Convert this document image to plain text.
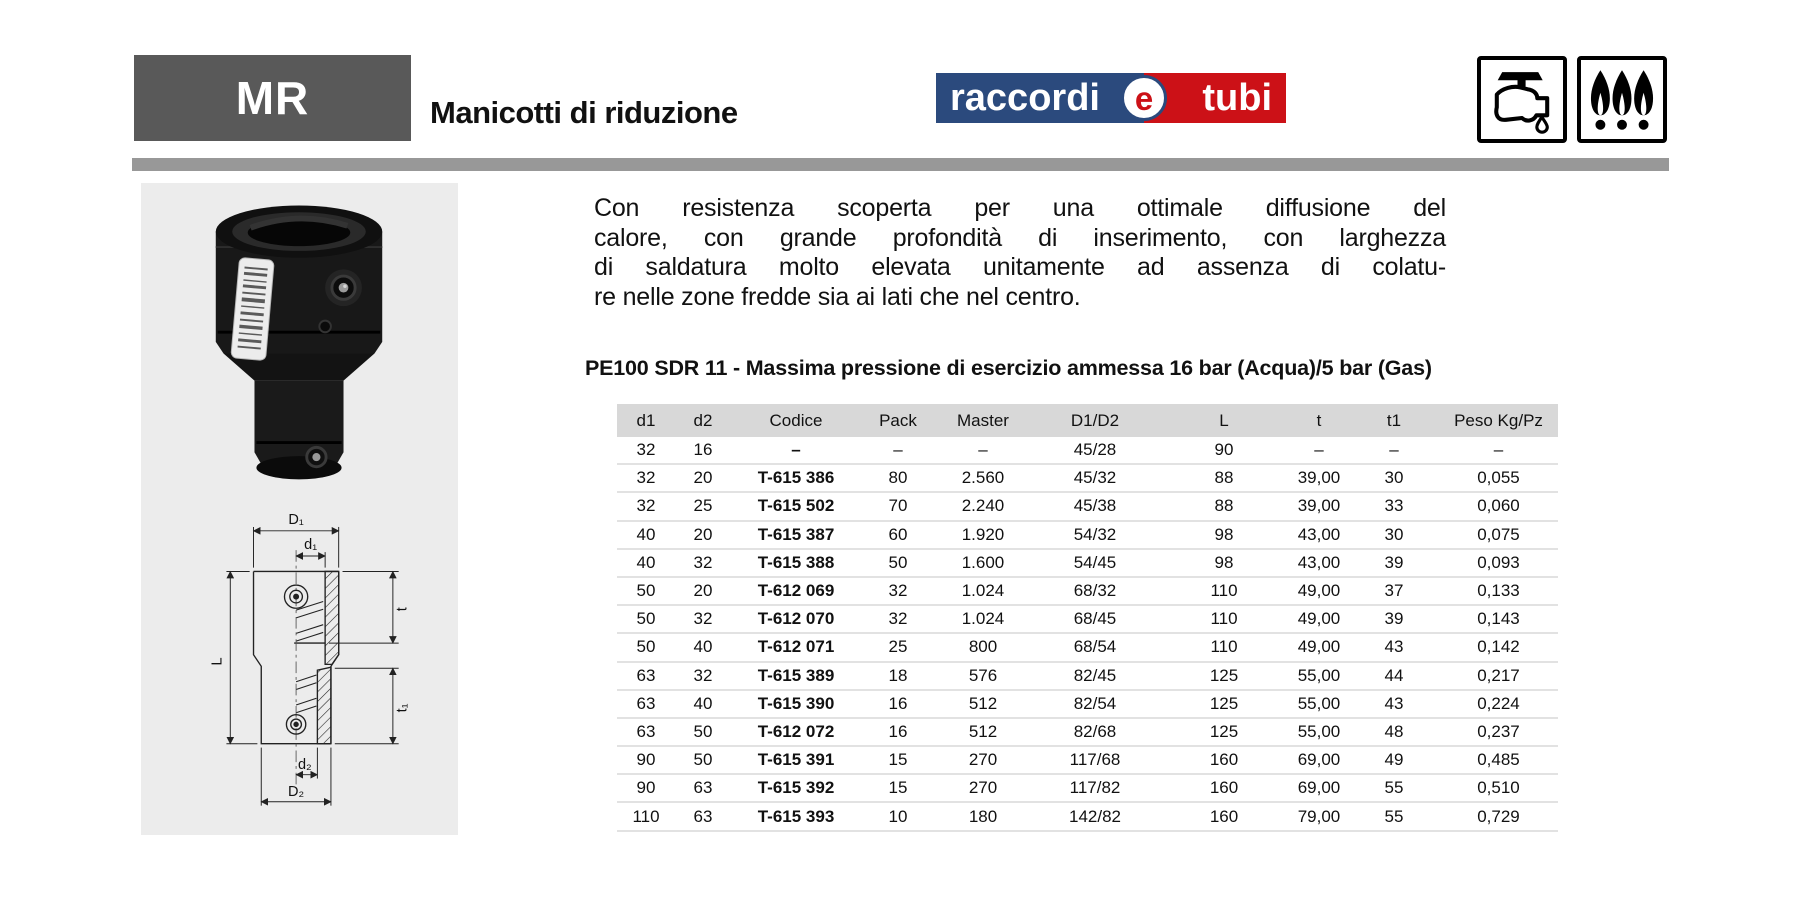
MR	Manicotti di riduzione	raccordi	tubi
e
D₁
d₁
L
t
t₁
d₂
D₂
Con resistenza scoperta per una ottimale diffusione del
calore, con grande profondità di inserimento, con larghezza
di saldatura molto elevata unitamente ad assenza di colatu-
re nelle zone fredde sia ai lati che nel centro.
PE100 SDR 11 - Massima pressione di esercizio ammessa 16 bar (Acqua)/5 bar (Gas)
d1	d2	Codice	Pack	Master	D1/D2	L	t	t1	Peso Kg/Pz
32	16	–	–	–	45/28	90	–	–	–
32	20	T-615 386	80	2.560	45/32	88	39,00	30	0,055
32	25	T-615 502	70	2.240	45/38	88	39,00	33	0,060
40	20	T-615 387	60	1.920	54/32	98	43,00	30	0,075
40	32	T-615 388	50	1.600	54/45	98	43,00	39	0,093
50	20	T-612 069	32	1.024	68/32	110	49,00	37	0,133
50	32	T-612 070	32	1.024	68/45	110	49,00	39	0,143
50	40	T-612 071	25	800	68/54	110	49,00	43	0,142
63	32	T-615 389	18	576	82/45	125	55,00	44	0,217
63	40	T-615 390	16	512	82/54	125	55,00	43	0,224
63	50	T-612 072	16	512	82/68	125	55,00	48	0,237
90	50	T-615 391	15	270	117/68	160	69,00	49	0,485
90	63	T-615 392	15	270	117/82	160	69,00	55	0,510
110	63	T-615 393	10	180	142/82	160	79,00	55	0,729
